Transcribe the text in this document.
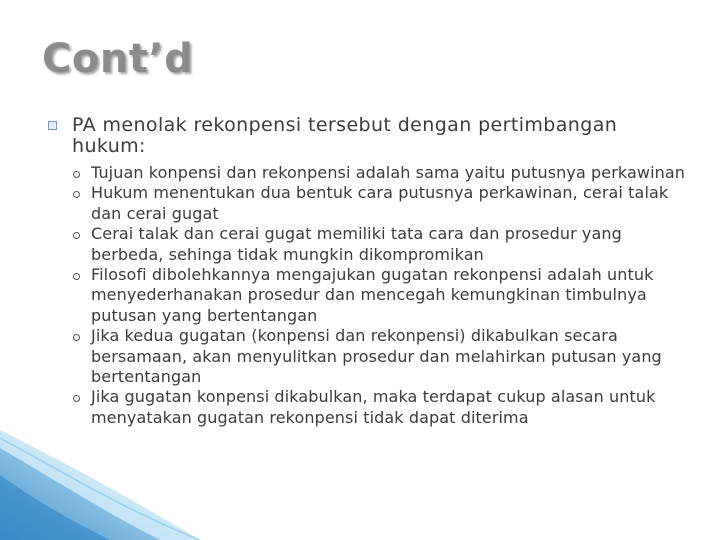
Cont’d
PA menolak rekonpensi tersebut dengan pertimbangan hukum:
Tujuan konpensi dan rekonpensi adalah sama yaitu putusnya perkawinan
Hukum menentukan dua bentuk cara putusnya perkawinan, cerai talak dan cerai gugat
Cerai talak dan cerai gugat memiliki tata cara dan prosedur yang berbeda, sehinga tidak mungkin dikompromikan
Filosofi dibolehkannya mengajukan gugatan rekonpensi adalah untuk menyederhanakan prosedur dan mencegah kemungkinan timbulnya putusan yang bertentangan
Jika kedua gugatan (konpensi dan rekonpensi) dikabulkan secara bersamaan, akan menyulitkan prosedur dan melahirkan putusan yang bertentangan
Jika gugatan konpensi dikabulkan, maka terdapat cukup alasan untuk menyatakan gugatan rekonpensi tidak dapat diterima
